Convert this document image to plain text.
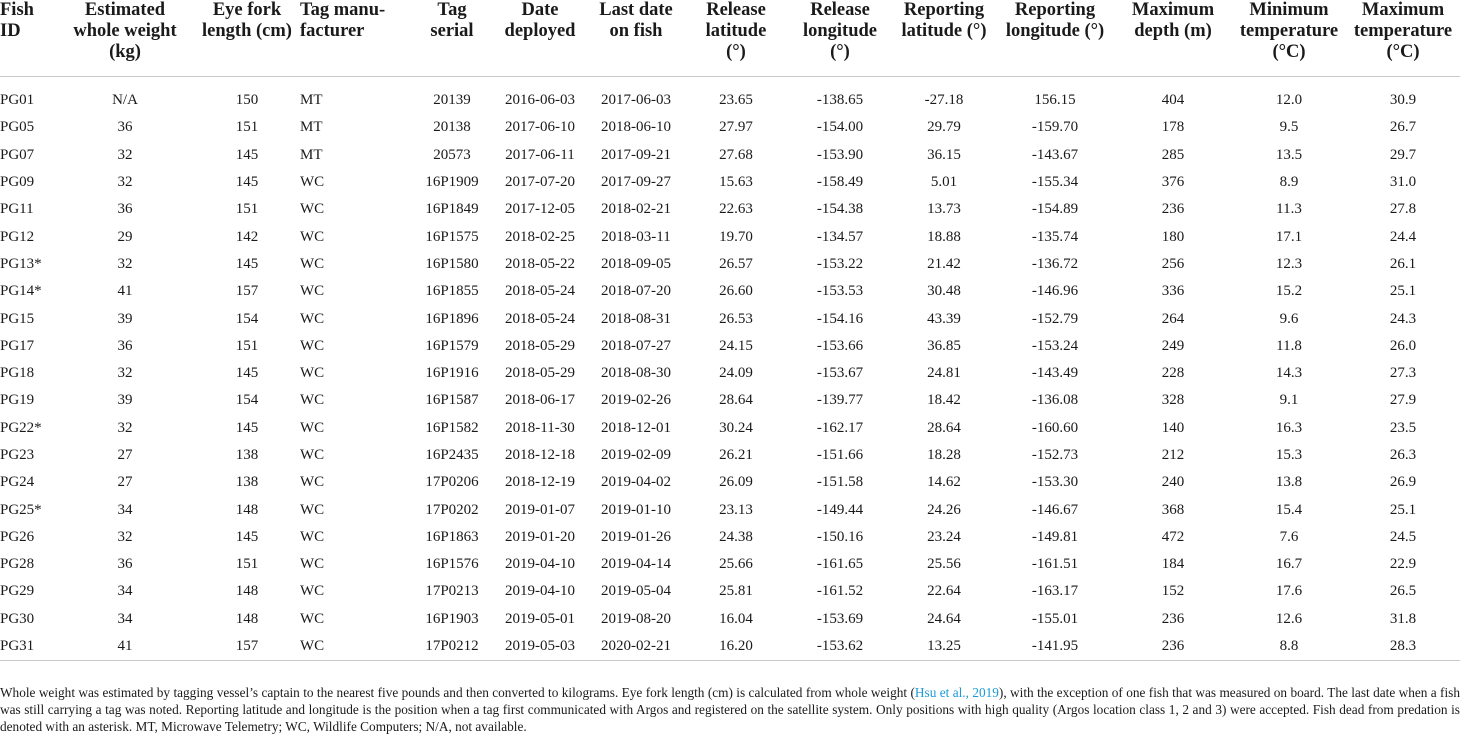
Fish
ID	Estimated
whole weight
(kg)	Eye fork
length (cm)	Tag manu-
facturer	Tag
serial	Date
deployed	Last date
on fish	Release
latitude
(°)	Release
longitude
(°)	Reporting
latitude (°)	Reporting
longitude (°)	Maximum
depth (m)	Minimum
temperature
(°C)	Maximum
temperature
(°C)

PG01	N/A	150	MT	20139	2016-06-03	2017-06-03	23.65	-138.65	-27.18	156.15	404	12.0	30.9
PG05	36	151	MT	20138	2017-06-10	2018-06-10	27.97	-154.00	29.79	-159.70	178	9.5	26.7
PG07	32	145	MT	20573	2017-06-11	2017-09-21	27.68	-153.90	36.15	-143.67	285	13.5	29.7
PG09	32	145	WC	16P1909	2017-07-20	2017-09-27	15.63	-158.49	5.01	-155.34	376	8.9	31.0
PG11	36	151	WC	16P1849	2017-12-05	2018-02-21	22.63	-154.38	13.73	-154.89	236	11.3	27.8
PG12	29	142	WC	16P1575	2018-02-25	2018-03-11	19.70	-134.57	18.88	-135.74	180	17.1	24.4
PG13*	32	145	WC	16P1580	2018-05-22	2018-09-05	26.57	-153.22	21.42	-136.72	256	12.3	26.1
PG14*	41	157	WC	16P1855	2018-05-24	2018-07-20	26.60	-153.53	30.48	-146.96	336	15.2	25.1
PG15	39	154	WC	16P1896	2018-05-24	2018-08-31	26.53	-154.16	43.39	-152.79	264	9.6	24.3
PG17	36	151	WC	16P1579	2018-05-29	2018-07-27	24.15	-153.66	36.85	-153.24	249	11.8	26.0
PG18	32	145	WC	16P1916	2018-05-29	2018-08-30	24.09	-153.67	24.81	-143.49	228	14.3	27.3
PG19	39	154	WC	16P1587	2018-06-17	2019-02-26	28.64	-139.77	18.42	-136.08	328	9.1	27.9
PG22*	32	145	WC	16P1582	2018-11-30	2018-12-01	30.24	-162.17	28.64	-160.60	140	16.3	23.5
PG23	27	138	WC	16P2435	2018-12-18	2019-02-09	26.21	-151.66	18.28	-152.73	212	15.3	26.3
PG24	27	138	WC	17P0206	2018-12-19	2019-04-02	26.09	-151.58	14.62	-153.30	240	13.8	26.9
PG25*	34	148	WC	17P0202	2019-01-07	2019-01-10	23.13	-149.44	24.26	-146.67	368	15.4	25.1
PG26	32	145	WC	16P1863	2019-01-20	2019-01-26	24.38	-150.16	23.24	-149.81	472	7.6	24.5
PG28	36	151	WC	16P1576	2019-04-10	2019-04-14	25.66	-161.65	25.56	-161.51	184	16.7	22.9
PG29	34	148	WC	17P0213	2019-04-10	2019-05-04	25.81	-161.52	22.64	-163.17	152	17.6	26.5
PG30	34	148	WC	16P1903	2019-05-01	2019-08-20	16.04	-153.69	24.64	-155.01	236	12.6	31.8
PG31	41	157	WC	17P0212	2019-05-03	2020-02-21	16.20	-153.62	13.25	-141.95	236	8.8	28.3
Whole weight was estimated by tagging vessel’s captain to the nearest five pounds and then converted to kilograms. Eye fork length (cm) is calculated from whole weight (Hsu et al., 2019), with the exception of one fish that was measured on board. The last date when a fish was still carrying a tag was noted. Reporting latitude and longitude is the position when a tag first communicated with Argos and registered on the satellite system. Only positions with high quality (Argos location class 1, 2 and 3) were accepted. Fish dead from predation is denoted with an asterisk. MT, Microwave Telemetry; WC, Wildlife Computers; N/A, not available.
